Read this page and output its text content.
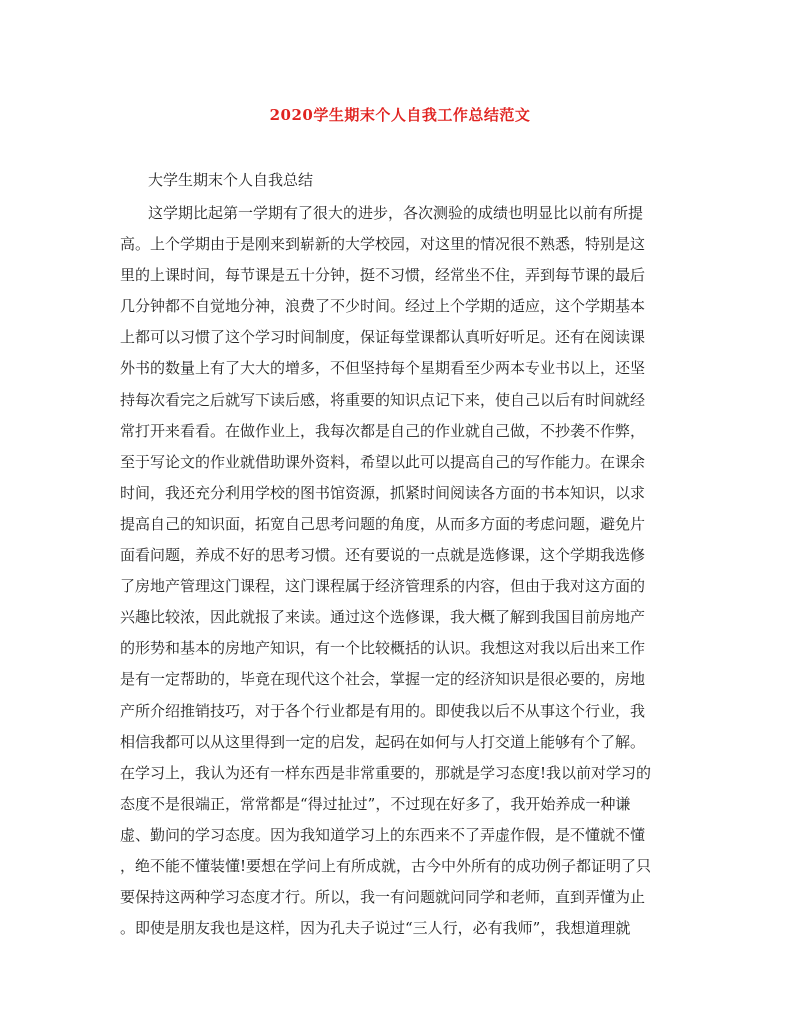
2020学生期末个人自我工作总结范文
大学生期末个人自我总结
这学期比起第一学期有了很大的进步，各次测验的成绩也明显比以前有所提
高。上个学期由于是刚来到崭新的大学校园，对这里的情况很不熟悉，特别是这
里的上课时间，每节课是五十分钟，挺不习惯，经常坐不住，弄到每节课的最后
几分钟都不自觉地分神，浪费了不少时间。经过上个学期的适应，这个学期基本
上都可以习惯了这个学习时间制度，保证每堂课都认真听好听足。还有在阅读课
外书的数量上有了大大的增多，不但坚持每个星期看至少两本专业书以上，还坚
持每次看完之后就写下读后感，将重要的知识点记下来，使自己以后有时间就经
常打开来看看。在做作业上，我每次都是自己的作业就自己做，不抄袭不作弊，
至于写论文的作业就借助课外资料，希望以此可以提高自己的写作能力。在课余
时间，我还充分利用学校的图书馆资源，抓紧时间阅读各方面的书本知识，以求
提高自己的知识面，拓宽自己思考问题的角度，从而多方面的考虑问题，避免片
面看问题，养成不好的思考习惯。还有要说的一点就是选修课，这个学期我选修
了房地产管理这门课程，这门课程属于经济管理系的内容，但由于我对这方面的
兴趣比较浓，因此就报了来读。通过这个选修课，我大概了解到我国目前房地产
的形势和基本的房地产知识，有一个比较概括的认识。我想这对我以后出来工作
是有一定帮助的，毕竟在现代这个社会，掌握一定的经济知识是很必要的，房地
产所介绍推销技巧，对于各个行业都是有用的。即使我以后不从事这个行业，我
相信我都可以从这里得到一定的启发，起码在如何与人打交道上能够有个了解。
在学习上，我认为还有一样东西是非常重要的，那就是学习态度!我以前对学习的
态度不是很端正，常常都是“得过扯过”，不过现在好多了，我开始养成一种谦
虚、勤问的学习态度。因为我知道学习上的东西来不了弄虚作假，是不懂就不懂
，绝不能不懂装懂!要想在学问上有所成就，古今中外所有的成功例子都证明了只
要保持这两种学习态度才行。所以，我一有问题就问同学和老师，直到弄懂为止
。即使是朋友我也是这样，因为孔夫子说过“三人行，必有我师”，我想道理就
